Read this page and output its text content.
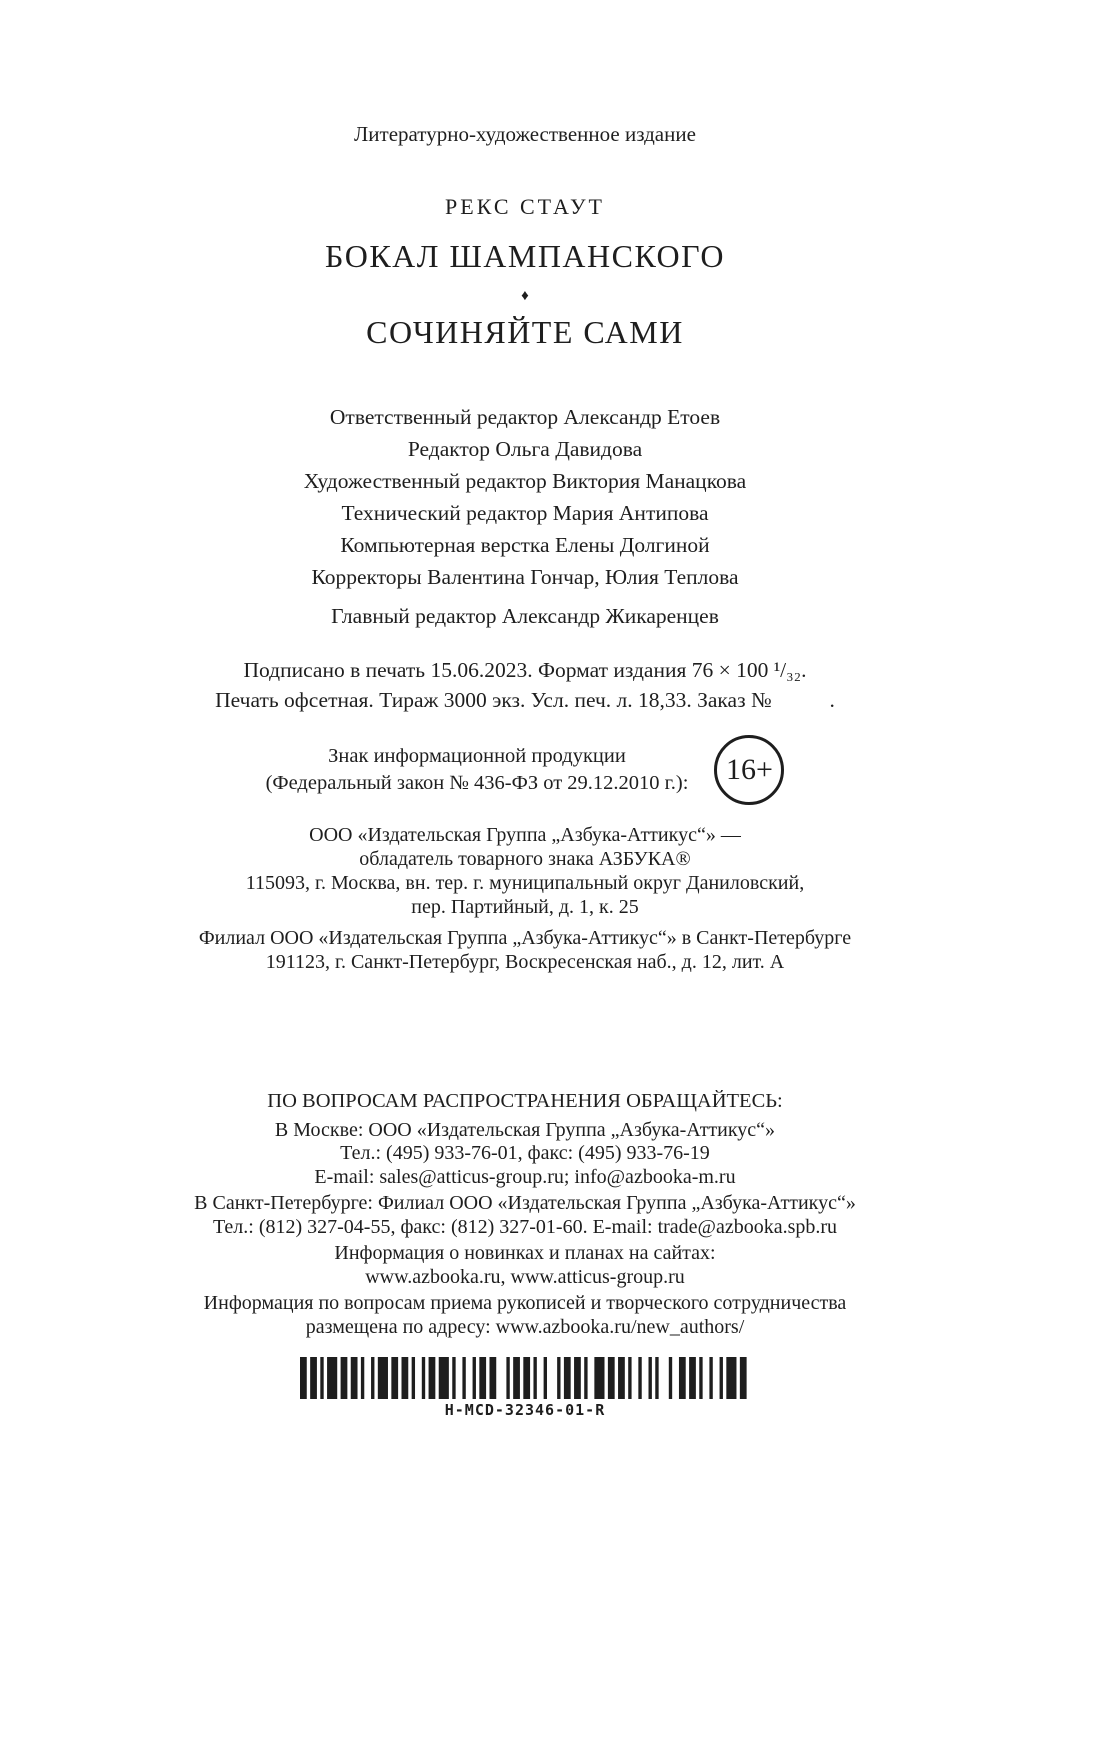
Литературно-художественное издание

РЕКС СТАУТ

БОКАЛ ШАМПАНСКОГО
♦
СОЧИНЯЙТЕ САМИ

Ответственный редактор Александр Етоев

Редактор Ольга Давидова

Художественный редактор Виктория Манацкова

Технический редактор Мария Антипова

Компьютерная верстка Елены Долгиной

Корректоры Валентина Гончар, Юлия Теплова

Главный редактор Александр Жикаренцев

Подписано в печать 15.06.2023. Формат издания 76 × 100 ¹/₃₂.

Печать офсетная. Тираж 3000 экз. Усл. печ. л. 18,33. Заказ №	.

Знак информационной продукции

(Федеральный закон № 436-ФЗ от 29.12.2010 г.):	16+

ООО «Издательская Группа „Азбука-Аттикус“» —

обладатель товарного знака АЗБУКА®

115093, г. Москва, вн. тер. г. муниципальный округ Даниловский,

пер. Партийный, д. 1, к. 25

Филиал ООО «Издательская Группа „Азбука-Аттикус“» в Санкт-Петербурге

191123, г. Санкт-Петербург, Воскресенская наб., д. 12, лит. А

ПО ВОПРОСАМ РАСПРОСТРАНЕНИЯ ОБРАЩАЙТЕСЬ:

В Москве: ООО «Издательская Группа „Азбука-Аттикус“»

Тел.: (495) 933-76-01, факс: (495) 933-76-19

E-mail: sales@atticus-group.ru; info@azbooka-m.ru

В Санкт-Петербурге: Филиал ООО «Издательская Группа „Азбука-Аттикус“»

Тел.: (812) 327-04-55, факс: (812) 327-01-60. E-mail: trade@azbooka.spb.ru

Информация о новинках и планах на сайтах:

www.azbooka.ru, www.atticus-group.ru

Информация по вопросам приема рукописей и творческого сотрудничества

размещена по адресу: www.azbooka.ru/new_authors/

H-MCD-32346-01-R
